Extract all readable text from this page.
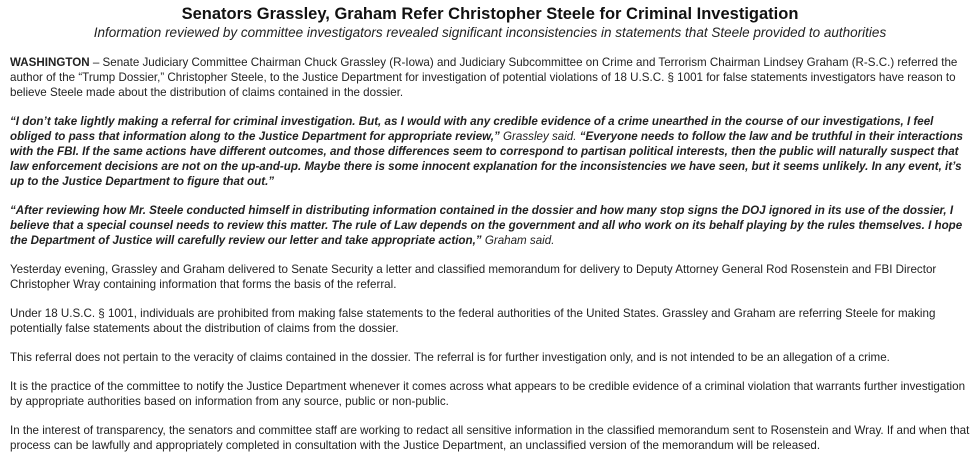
Senators Grassley, Graham Refer Christopher Steele for Criminal Investigation
Information reviewed by committee investigators revealed significant inconsistencies in statements that Steele provided to authorities

WASHINGTON – Senate Judiciary Committee Chairman Chuck Grassley (R-Iowa) and Judiciary Subcommittee on Crime and Terrorism Chairman Lindsey Graham (R-S.C.) referred the author of the “Trump Dossier,” Christopher Steele, to the Justice Department for investigation of potential violations of 18 U.S.C. § 1001 for false statements investigators have reason to believe Steele made about the distribution of claims contained in the dossier.

“I don’t take lightly making a referral for criminal investigation. But, as I would with any credible evidence of a crime unearthed in the course of our investigations, I feel obliged to pass that information along to the Justice Department for appropriate review,” Grassley said. “Everyone needs to follow the law and be truthful in their interactions with the FBI. If the same actions have different outcomes, and those differences seem to correspond to partisan political interests, then the public will naturally suspect that law enforcement decisions are not on the up-and-up. Maybe there is some innocent explanation for the inconsistencies we have seen, but it seems unlikely. In any event, it’s up to the Justice Department to figure that out.”

“After reviewing how Mr. Steele conducted himself in distributing information contained in the dossier and how many stop signs the DOJ ignored in its use of the dossier, I believe that a special counsel needs to review this matter. The rule of Law depends on the government and all who work on its behalf playing by the rules themselves. I hope the Department of Justice will carefully review our letter and take appropriate action,” Graham said.

Yesterday evening, Grassley and Graham delivered to Senate Security a letter and classified memorandum for delivery to Deputy Attorney General Rod Rosenstein and FBI Director Christopher Wray containing information that forms the basis of the referral.

Under 18 U.S.C. § 1001, individuals are prohibited from making false statements to the federal authorities of the United States. Grassley and Graham are referring Steele for making potentially false statements about the distribution of claims from the dossier.

This referral does not pertain to the veracity of claims contained in the dossier. The referral is for further investigation only, and is not intended to be an allegation of a crime.

It is the practice of the committee to notify the Justice Department whenever it comes across what appears to be credible evidence of a criminal violation that warrants further investigation by appropriate authorities based on information from any source, public or non-public.

In the interest of transparency, the senators and committee staff are working to redact all sensitive information in the classified memorandum sent to Rosenstein and Wray. If and when that process can be lawfully and appropriately completed in consultation with the Justice Department, an unclassified version of the memorandum will be released.
